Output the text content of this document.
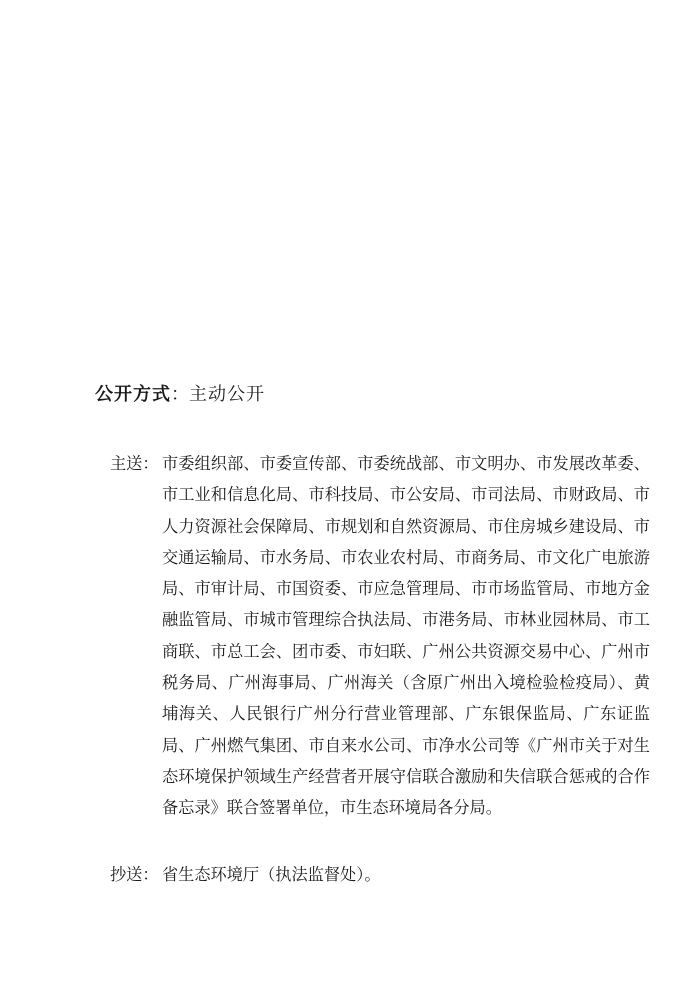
公开方式：主动公开
主送： 市委组织部、市委宣传部、市委统战部、市文明办、市发展改革委、市工业和信息化局、市科技局、市公安局、市司法局、市财政局、市人力资源社会保障局、市规划和自然资源局、市住房城乡建设局、市交通运输局、市水务局、市农业农村局、市商务局、市文化广电旅游局、市审计局、市国资委、市应急管理局、市市场监管局、市地方金融监管局、市城市管理综合执法局、市港务局、市林业园林局、市工商联、市总工会、团市委、市妇联、广州公共资源交易中心、广州市税务局、广州海事局、广州海关（含原广州出入境检验检疫局）、黄埔海关、人民银行广州分行营业管理部、广东银保监局、广东证监局、广州燃气集团、市自来水公司、市净水公司等《广州市关于对生态环境保护领域生产经营者开展守信联合激励和失信联合惩戒的合作备忘录》联合签署单位，市生态环境局各分局。
抄送： 省生态环境厅（执法监督处）。
